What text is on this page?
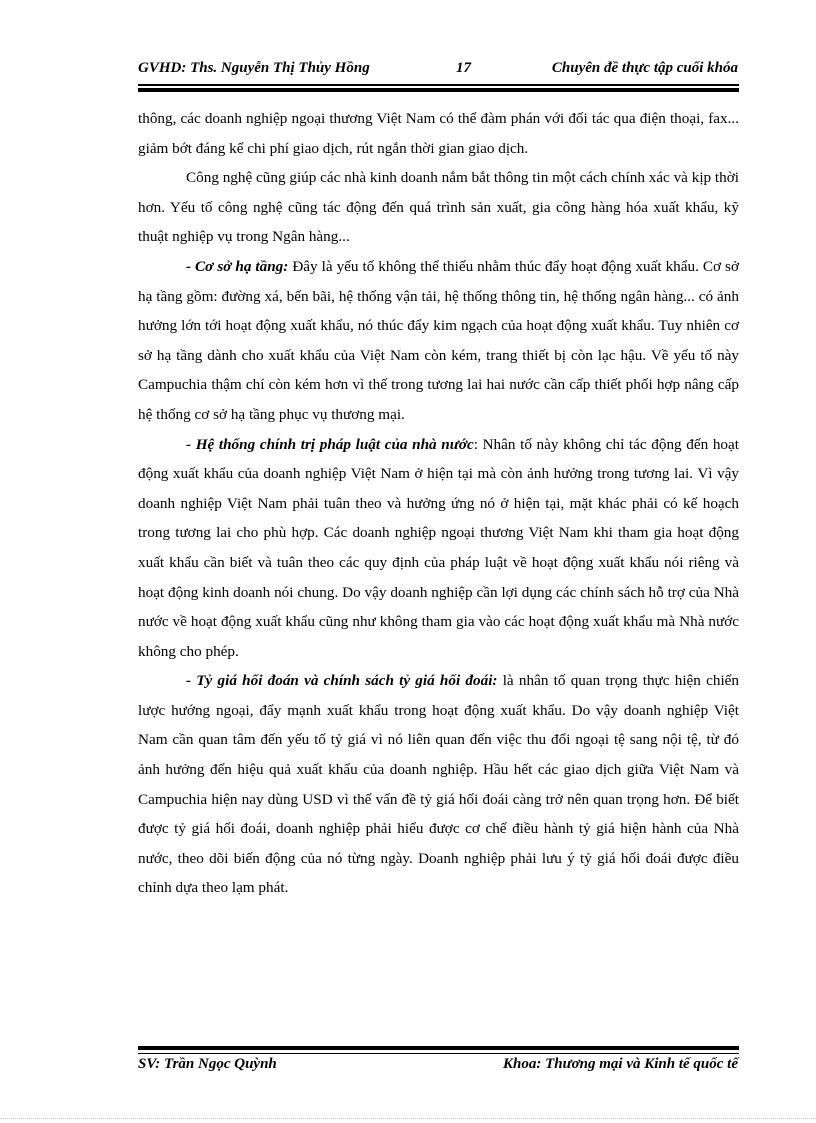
GVHD: Ths. Nguyễn Thị Thủy Hồng	17	Chuyên đề thực tập cuối khóa

thông, các doanh nghiệp ngoại thương Việt Nam có thể đàm phán với đối tác qua điện thoại, fax... giảm bớt đáng kể chi phí giao dịch, rút ngắn thời gian giao dịch.

Công nghệ cũng giúp các nhà kinh doanh nắm bắt thông tin một cách chính xác và kịp thời hơn. Yếu tố công nghệ cũng tác động đến quá trình sản xuất, gia công hàng hóa xuất khẩu, kỹ thuật nghiệp vụ trong Ngân hàng...

- Cơ sở hạ tầng: Đây là yếu tố không thể thiếu nhằm thúc đẩy hoạt động xuất khẩu. Cơ sở hạ tầng gồm: đường xá, bến bãi, hệ thống vận tải, hệ thống thông tin, hệ thống ngân hàng... có ảnh hưởng lớn tới hoạt động xuất khẩu, nó thúc đẩy kim ngạch của hoạt động xuất khẩu. Tuy nhiên cơ sở hạ tầng dành cho xuất khẩu của Việt Nam còn kém, trang thiết bị còn lạc hậu. Về yếu tố này Campuchia thậm chí còn kém hơn vì thế trong tương lai hai nước cần cấp thiết phối hợp nâng cấp hệ thống cơ sở hạ tầng phục vụ thương mại.

- Hệ thống chính trị pháp luật của nhà nước: Nhân tố này không chỉ tác động đến hoạt động xuất khẩu của doanh nghiệp Việt Nam ở hiện tại mà còn ảnh hưởng trong tương lai. Vì vậy doanh nghiệp Việt Nam phải tuân theo và hưởng ứng nó ở hiện tại, mặt khác phải có kế hoạch trong tương lai cho phù hợp. Các doanh nghiệp ngoại thương Việt Nam khi tham gia hoạt động xuất khẩu cần biết và tuân theo các quy định của pháp luật về hoạt động xuất khẩu nói riêng và hoạt động kinh doanh nói chung. Do vậy doanh nghiệp cần lợi dụng các chính sách hỗ trợ của Nhà nước về hoạt động xuất khẩu cũng như không tham gia vào các hoạt động xuất khẩu mà Nhà nước không cho phép.

- Tỷ giá hối đoán và chính sách tỷ giá hối đoái: là nhân tố quan trọng thực hiện chiến lược hướng ngoại, đẩy mạnh xuất khẩu trong hoạt động xuất khẩu. Do vậy doanh nghiệp Việt Nam cần quan tâm đến yếu tố tỷ giá vì nó liên quan đến việc thu đổi ngoại tệ sang nội tệ, từ đó ảnh hưởng đến hiệu quả xuất khẩu của doanh nghiệp. Hầu hết các giao dịch giữa Việt Nam và Campuchia hiện nay dùng USD vì thế vấn đề tỷ giá hối đoái càng trở nên quan trọng hơn. Để biết được tỷ giá hối đoái, doanh nghiệp phải hiểu được cơ chế điều hành tỷ giá hiện hành của Nhà nước, theo dõi biến động của nó từng ngày. Doanh nghiệp phải lưu ý tỷ giá hối đoái được điều chỉnh dựa theo lạm phát.

SV: Trần Ngọc Quỳnh	Khoa: Thương mại và Kinh tế quốc tế
